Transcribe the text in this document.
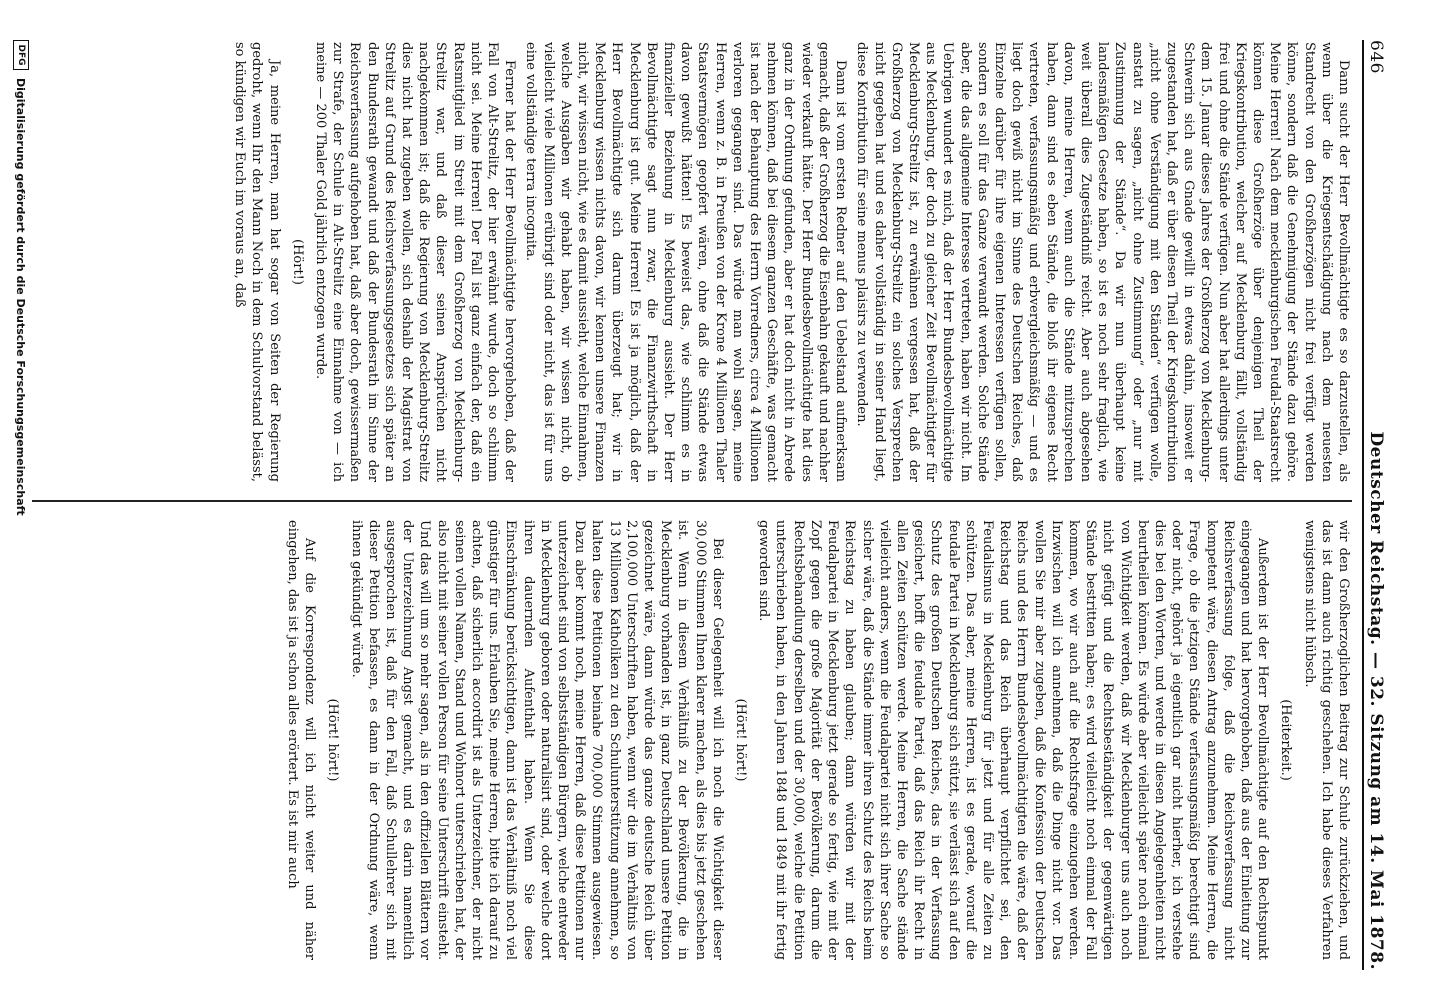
646
Deutscher Reichstag. — 32. Sitzung am 14. Mai 1878.

Dann sucht der Herr Bevollmächtigte es so darzustellen, als wenn über die Kriegsentschädigung nach dem neuesten Standrecht von den Großherzögen nicht frei verfügt werden könne, sondern daß die Genehmigung der Stände dazu gehöre. Meine Herren! Nach dem mecklenburgischen Feudal-Staatsrecht können diese Großherzöge über denjenigen Theil der Kriegskontribution, welcher auf Mecklenburg fällt, vollständig frei und ohne die Stände verfügen. Nun aber hat allerdings unter dem 15. Januar dieses Jahres der Großherzog von Mecklenburg-Schwerin sich aus Gnade gewillt in etwas dahin, insoweit er zugestanden hat, daß er über diesen Theil der Kriegskontribution „nicht ohne Verständigung mit den Ständen“ verfügen wolle, anstatt zu sagen, „nicht ohne Zustimmung“ oder „nur mit Zustimmung der Stände“. Da wir nun überhaupt keine landesmäßigen Gesetze haben, so ist es noch sehr fraglich, wie weit überall dies Zugeständniß reicht. Aber auch abgesehen davon, meine Herren, wenn auch die Stände mitzusprechen haben, dann sind es eben Stände, die bloß ihr eigenes Recht vertreten, verfassungsmäßig und erbvergleichsmäßig — und es liegt doch gewiß nicht im Sinne des Deutschen Reiches, daß Einzelne darüber für ihre eigenen Interessen verfügen sollen, sondern es soll für das Ganze verwandt werden. Solche Stände aber, die das allgemeine Interesse vertreten, haben wir nicht. Im Uebrigen wundert es mich, daß der Herr Bundesbevollmächtigte aus Mecklenburg, der doch zu gleicher Zeit Bevollmächtigter für Mecklenburg-Strelitz ist, zu erwähnen vergessen hat, daß der Großherzog von Mecklenburg-Strelitz ein solches Versprechen nicht gegeben hat und es daher vollständig in seiner Hand liegt, diese Kontribution für seine menus plaisirs zu verwenden.

Dann ist vom ersten Redner auf den Uebelstand aufmerksam gemacht, daß der Großherzog die Eisenbahn gekauft und nachher wieder verkauft hätte. Der Herr Bundesbevollmächtigte hat dies ganz in der Ordnung gefunden, aber er hat doch nicht in Abrede nehmen können, daß bei diesem ganzen Geschäfte, was gemacht ist nach der Behauptung des Herrn Vorredners, circa 4 Millionen verloren gegangen sind. Das würde man wohl sagen, meine Herren, wenn z. B. in Preußen von der Krone 4 Millionen Thaler Staatsvermögen geopfert wären, ohne daß die Stände etwas davon gewußt hätten! Es beweist das, wie schlimm es in finanzieller Beziehung in Mecklenburg aussieht. Der Herr Bevollmächtigte sagt nun zwar, die Finanzwirthschaft in Mecklenburg ist gut. Meine Herren! Es ist ja möglich, daß der Herr Bevollmächtigte sich darum überzeugt hat; wir in Mecklenburg wissen nichts davon, wir kennen unsere Finanzen nicht, wir wissen nicht, wie es damit aussieht, welche Einnahmen, welche Ausgaben wir gehabt haben, wir wissen nicht, ob vielleicht viele Millionen erübrigt sind oder nicht, das ist für uns eine vollständige terra incognita.

Ferner hat der Herr Bevollmächtigte hervorgehoben, daß der Fall von Alt-Strelitz, der hier erwähnt wurde, doch so schlimm nicht sei. Meine Herren! Der Fall ist ganz einfach der, daß ein Ratsmitglied im Streit mit dem Großherzog von Mecklenburg-Strelitz war, und daß dieser seinen Ansprüchen nicht nachgekommen ist; daß die Regierung von Mecklenburg-Strelitz dies nicht hat zugeben wollen, sich deshalb der Magistrat von Strelitz auf Grund des Reichsverfassungsgesetzes sich später an den Bundesrath gewandt und daß der Bundesrath im Sinne der Reichsverfassung aufgehoben hat, daß aber doch, gewissermaßen zur Strafe, der Schule in Alt-Strelitz eine Einnahme von — ich meine — 200 Thaler Gold jährlich entzogen wurde.

(Hört!)

Ja, meine Herren, man hat sogar von Seiten der Regierung gedroht, wenn Ihr den Mann Noch in dem Schulvorstand belässt, so kündigen wir Euch im voraus an, daß

wir den Großherzoglichen Beitrag zur Schule zurückziehen, und das ist dann auch richtig geschehen. Ich habe dieses Verfahren wenigstens nicht hübsch.

(Heiterkeit.)

Außerdem ist der Herr Bevollmächtigte auf den Rechtspunkt eingegangen und hat hervorgehoben, daß aus der Einleitung zur Reichsverfassung folge, daß die Reichsverfassung nicht kompetent wäre, diesen Antrag anzunehmen. Meine Herren, die Frage, ob die jetzigen Stände verfassungsmäßig berechtigt sind oder nicht, gehört ja eigentlich gar nicht hierher, ich verstehe dies bei den Worten, und werde in diesen Angelegenheiten nicht beurtheilen können. Es würde aber vielleicht später noch einmal von Wichtigkeit werden, daß wir Mecklenburger uns auch noch nicht gefügt und die Rechtsbeständigkeit der gegenwärtigen Stände bestritten haben; es wird vielleicht noch einmal der Fall kommen, wo wir auch auf die Rechtsfrage einzugehen werden. Inzwischen will ich annehmen, daß die Dinge nicht vor. Das wollen Sie mir aber zugeben, daß die Konfession der Deutschen Reichs und des Herrn Bundesbevollmächtigten die wäre, daß der Reichstag und das Reich überhaupt verpflichtet sei, den Feudalismus in Mecklenburg für jetzt und für alle Zeiten zu schützen. Das aber, meine Herren, ist es gerade, worauf die feudale Partei in Mecklenburg sich stützt, sie verlässt sich auf den Schutz des großen Deutschen Reiches, das in der Verfassung gesichert, hofft die feudale Partei, daß das Reich ihr Recht in allen Zeiten schützen werde. Meine Herren, die Sache stände vielleicht anders, wenn die Feudalpartei nicht sich ihrer Sache so sicher wäre, daß die Stände immer ihren Schutz des Reichs beim Reichstag zu haben glauben; dann würden wir mit der Feudalpartei in Mecklenburg jetzt gerade so fertig, wie mit der Zopf gegen die große Majorität der Bevölkerung, darum die Rechtsbehandlung derselben und der 30,000, welche die Petition unterschrieben haben, in den Jahren 1848 und 1849 mit ihr fertig geworden sind.

(Hört! hört!)

Bei dieser Gelegenheit will ich noch die Wichtigkeit dieser 30,000 Stimmen Ihnen klarer machen, als dies bis jetzt geschehen ist. Wenn in diesem Verhältniß zu der Bevölkerung, die in Mecklenburg vorhanden ist, in ganz Deutschland unsere Petition gezeichnet wäre, dann würde das ganze deutsche Reich über 2,100,000 Unterschriften haben, wenn wir die im Verhältnis von 13 Millionen Katholiken zu den Schulunterstützung annehmen, so halten diese Petitionen beinahe 700,000 Stimmen ausgewiesen. Dazu aber kommt noch, meine Herren, daß diese Petitionen nur unterzeichnet sind von selbstständigen Bürgern, welche entweder in Mecklenburg geboren oder naturalisirt sind, oder welche dort ihren dauernden Aufenthalt haben. Wenn Sie diese Einschränkung berücksichtigen, dann ist das Verhältniß noch viel günstiger für uns. Erlauben Sie, meine Herren, bitte ich darauf zu achten, daß sicherlich accordirt ist als Unterzeichner, der nicht seinen vollen Namen, Stand und Wohnort unterschrieben hat, der also nicht mit seiner vollen Person für seine Unterschrift einsteht. Und das will um so mehr sagen, als in den offiziellen Blättern vor der Unterzeichnung Angst gemacht, und es darin namentlich ausgesprochen ist, daß für den Fall, daß Schullehrer sich mit dieser Petition befassen, es dann in der Ordnung wäre, wenn ihnen gekündigt würde.

(Hört! hört!)

Auf die Korrespondenz will ich nicht weiter und näher eingehen, das ist ja schon alles erörtert. Es ist mir auch

DFG
Digitalisierung gefördert durch die Deutsche Forschungsgemeinschaft
